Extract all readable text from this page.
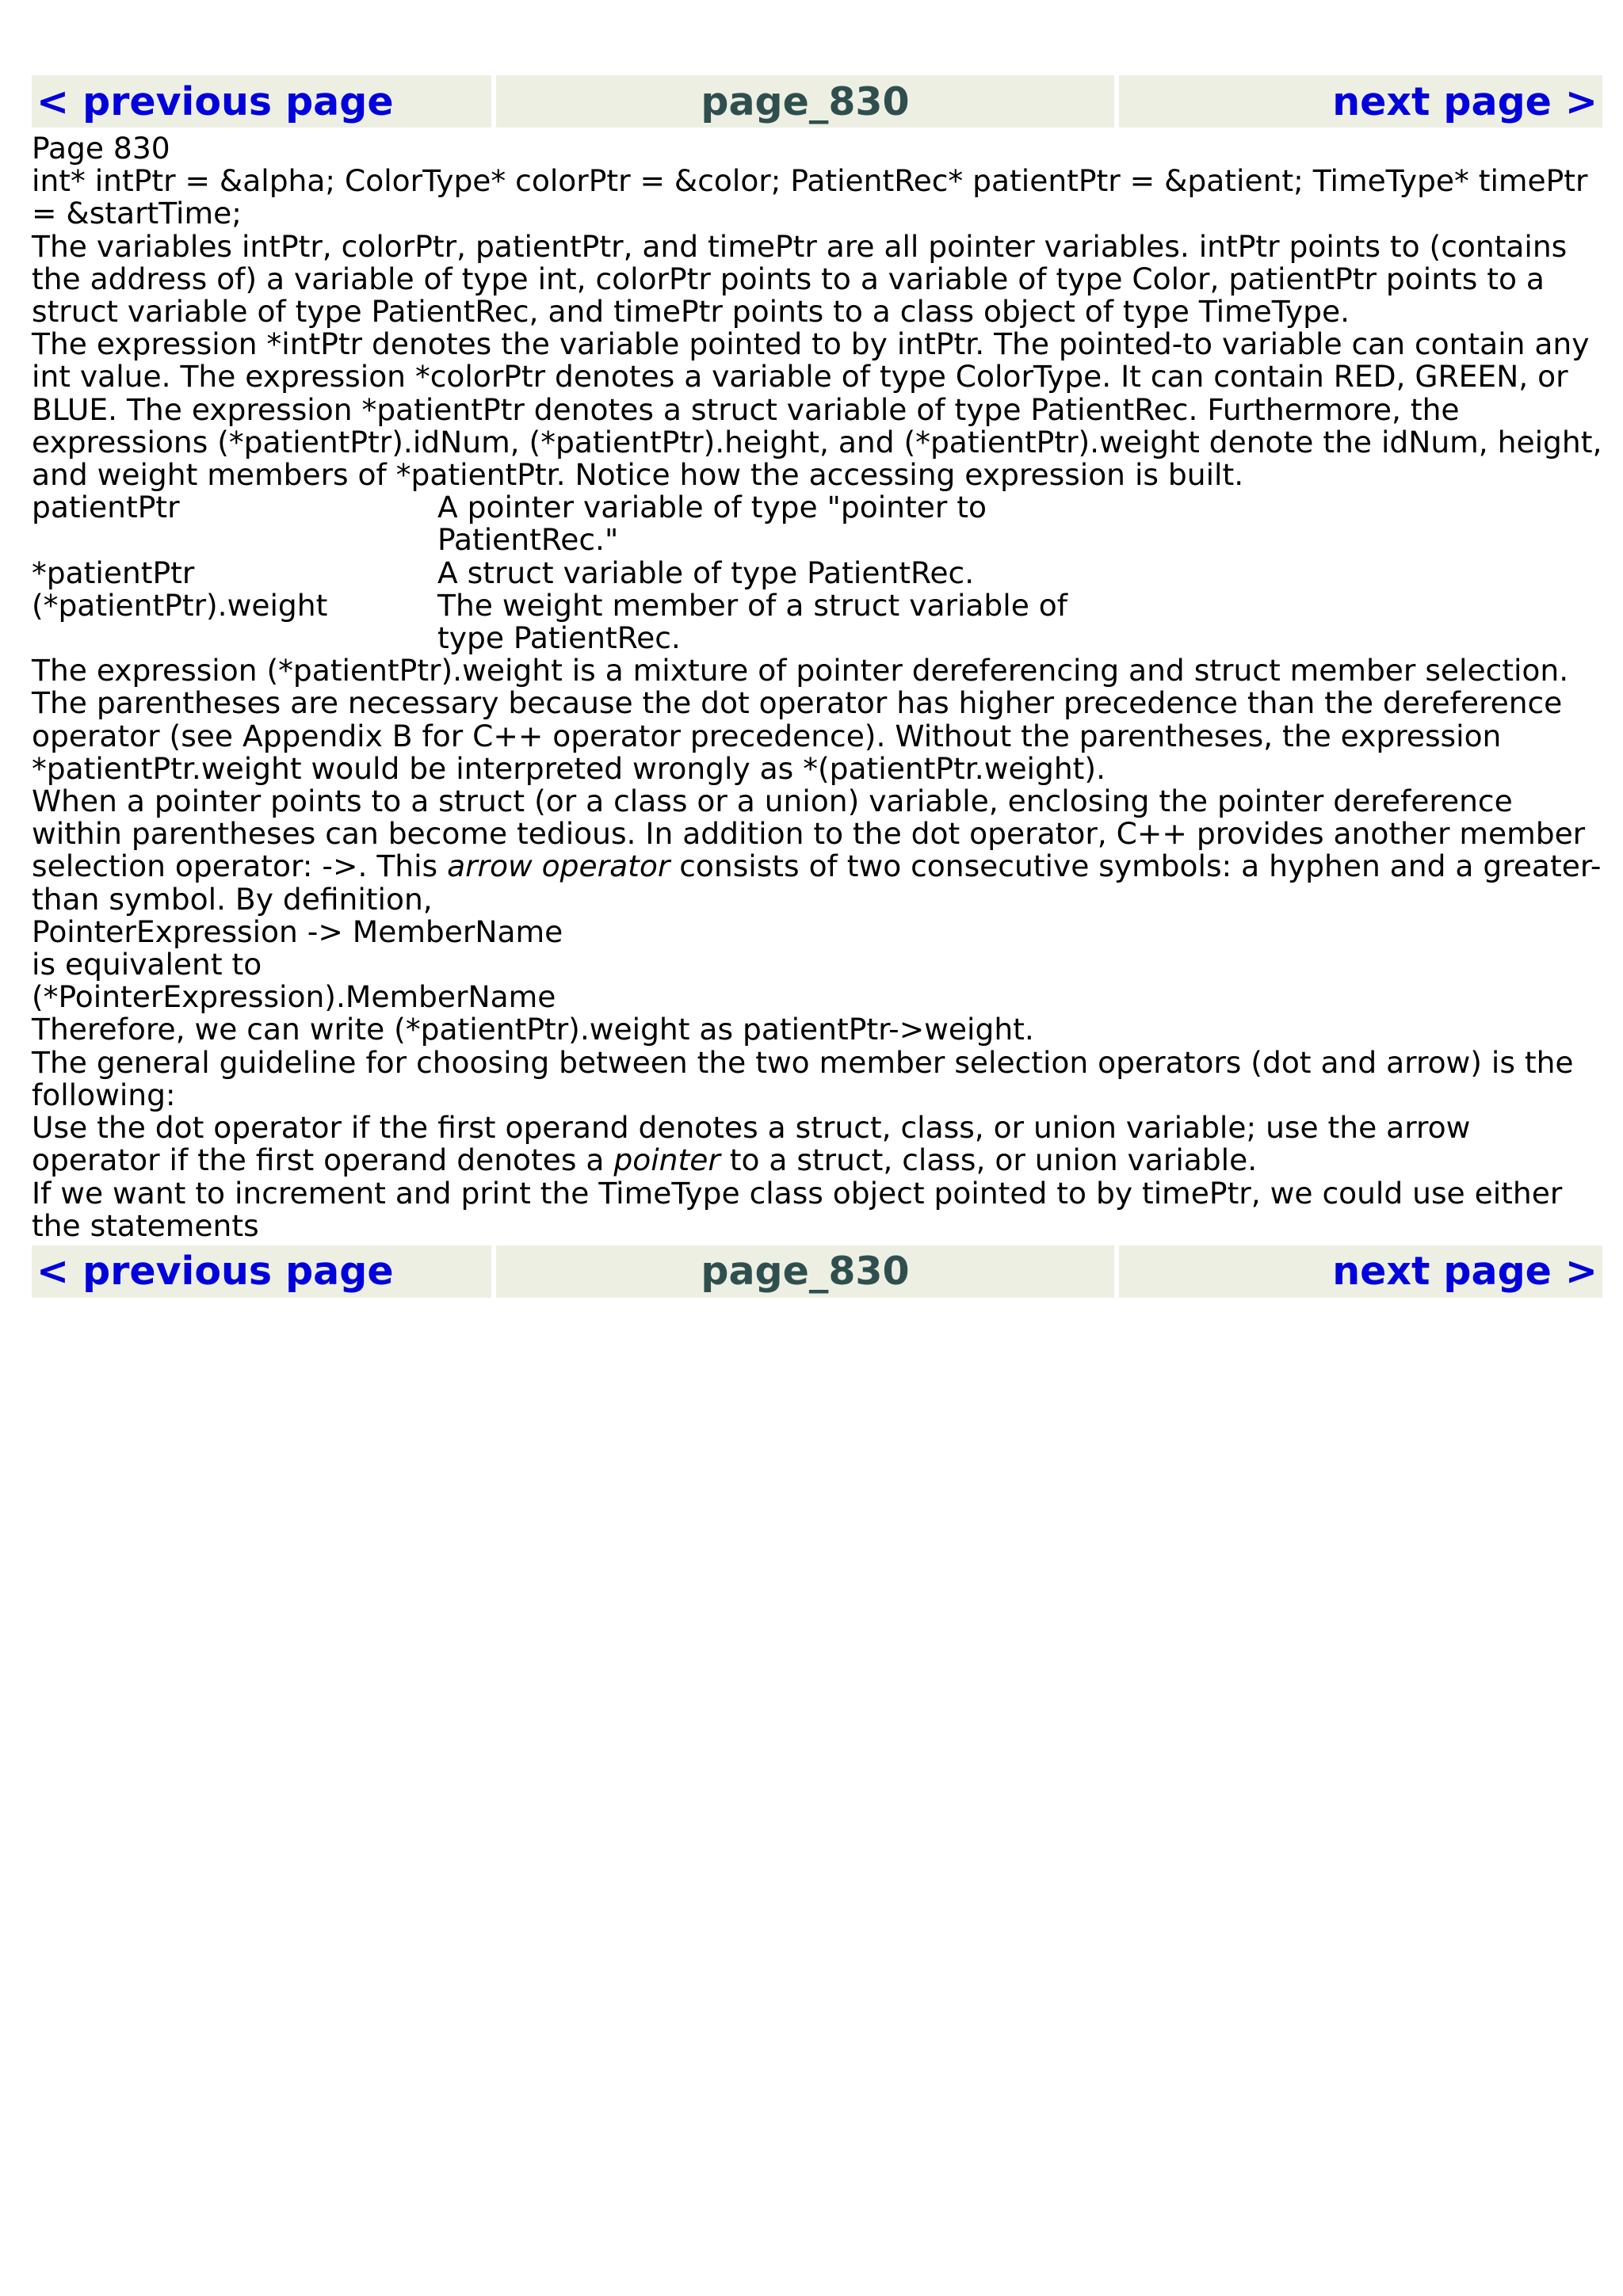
< previous page	page_830	next page >

Page 830

int* intPtr = &alpha; ColorType* colorPtr = &color; PatientRec* patientPtr = &patient; TimeType* timePtr = &startTime;

The variables intPtr, colorPtr, patientPtr, and timePtr are all pointer variables. intPtr points to (contains the address of) a variable of type int, colorPtr points to a variable of type Color, patientPtr points to a struct variable of type PatientRec, and timePtr points to a class object of type TimeType.

The expression *intPtr denotes the variable pointed to by intPtr. The pointed-to variable can contain any int value. The expression *colorPtr denotes a variable of type ColorType. It can contain RED, GREEN, or BLUE. The expression *patientPtr denotes a struct variable of type PatientRec. Furthermore, the expressions (*patientPtr).idNum, (*patientPtr).height, and (*patientPtr).weight denote the idNum, height, and weight members of *patientPtr. Notice how the accessing expression is built.

patientPtr	A pointer variable of type "pointer to PatientRec."
*patientPtr	A struct variable of type PatientRec.
(*patientPtr).weight	The weight member of a struct variable of type PatientRec.

The expression (*patientPtr).weight is a mixture of pointer dereferencing and struct member selection. The parentheses are necessary because the dot operator has higher precedence than the dereference operator (see Appendix B for C++ operator precedence). Without the parentheses, the expression *patientPtr.weight would be interpreted wrongly as *(patientPtr.weight).

When a pointer points to a struct (or a class or a union) variable, enclosing the pointer dereference within parentheses can become tedious. In addition to the dot operator, C++ provides another member selection operator: ->. This arrow operator consists of two consecutive symbols: a hyphen and a greater-than symbol. By definition,

PointerExpression -> MemberName

is equivalent to

(*PointerExpression).MemberName

Therefore, we can write (*patientPtr).weight as patientPtr->weight.

The general guideline for choosing between the two member selection operators (dot and arrow) is the following:

Use the dot operator if the first operand denotes a struct, class, or union variable; use the arrow operator if the first operand denotes a pointer to a struct, class, or union variable.

If we want to increment and print the TimeType class object pointed to by timePtr, we could use either the statements

< previous page	page_830	next page >
